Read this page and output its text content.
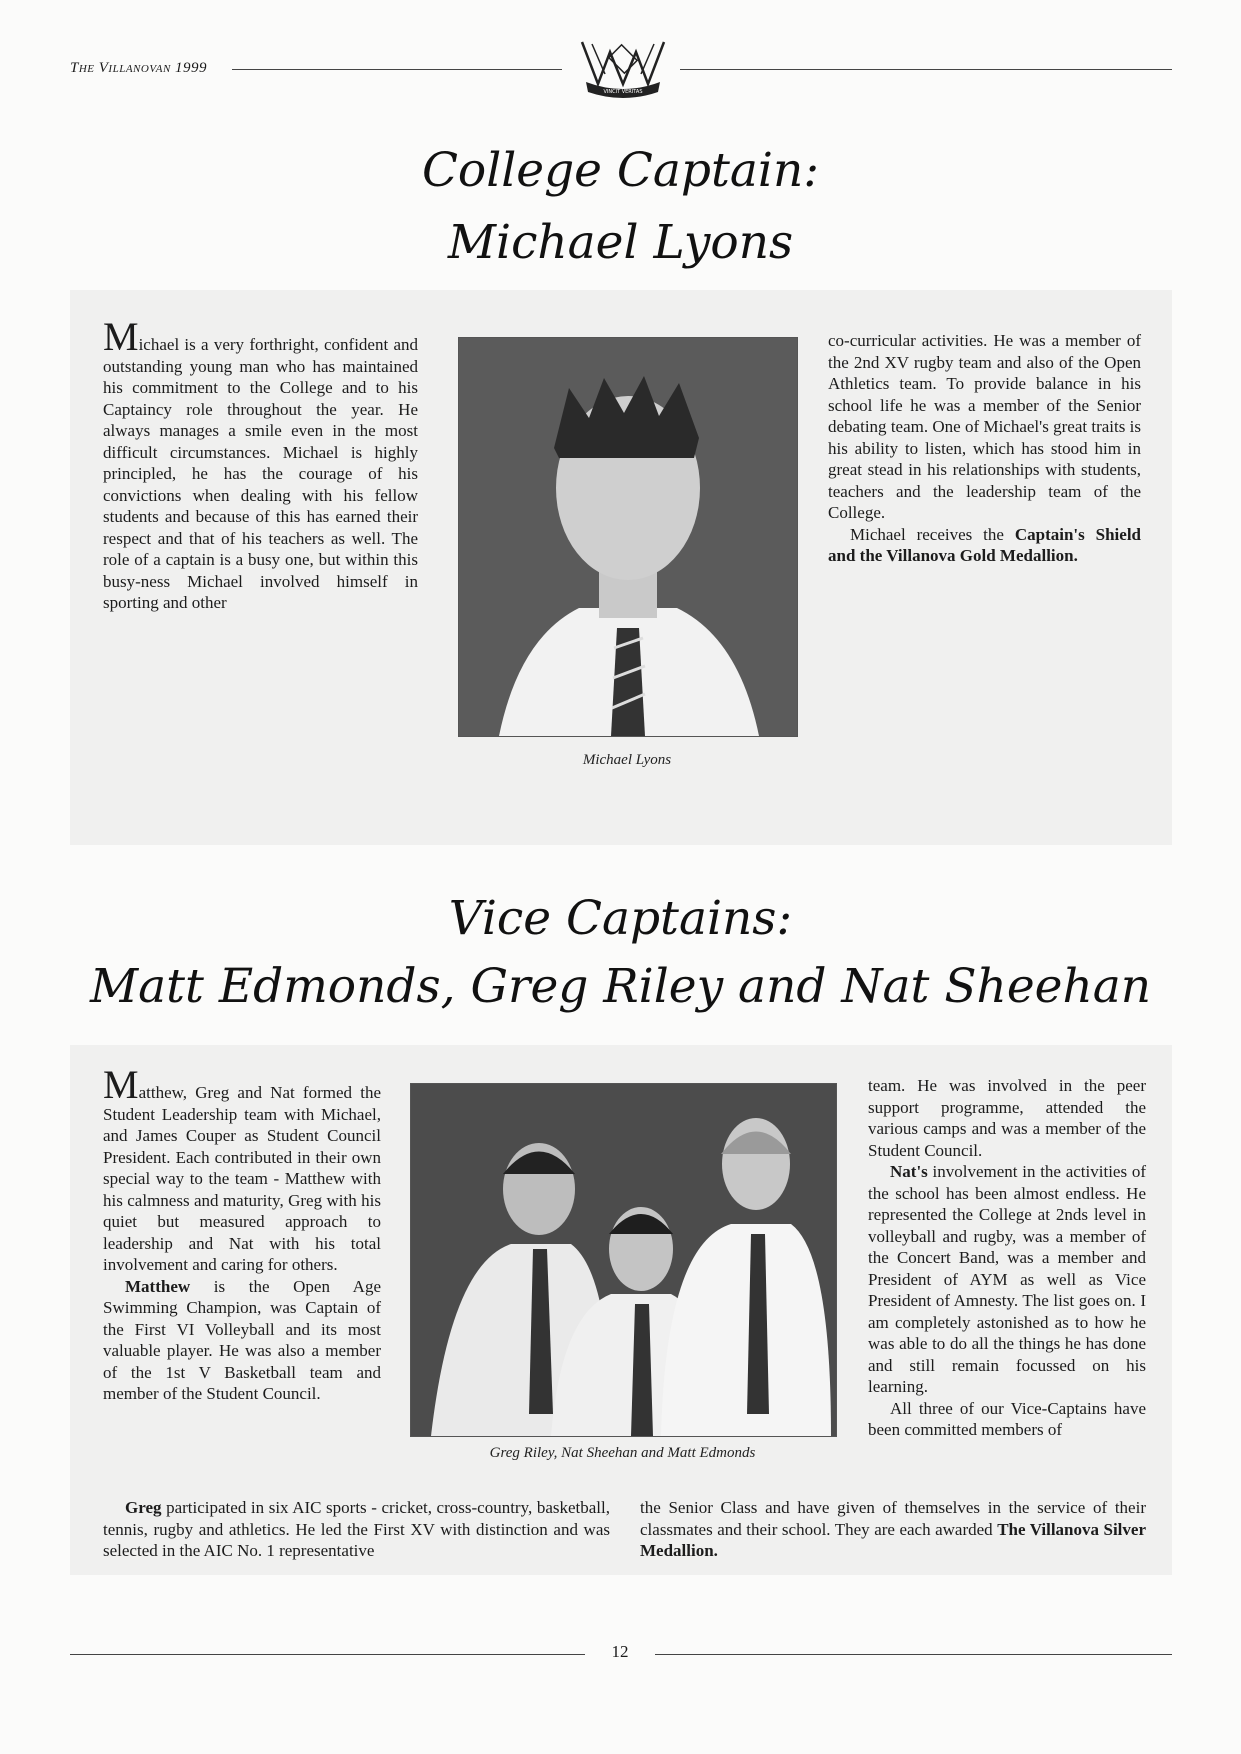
The Villanovan 1999
VINCIT VERITAS
College Captain:
Michael Lyons

Michael is a very forthright, confident and outstanding young man who has maintained his commitment to the College and to his Captaincy role throughout the year. He always manages a smile even in the most difficult circumstances. Michael is highly principled, he has the courage of his convictions when dealing with his fellow students and because of this has earned their respect and that of his teachers as well. The role of a captain is a busy one, but within this busy-ness Michael involved himself in sporting and other

Michael Lyons

co-curricular activities. He was a member of the 2nd XV rugby team and also of the Open Athletics team. To provide balance in his school life he was a member of the Senior debating team. One of Michael's great traits is his ability to listen, which has stood him in great stead in his relationships with students, teachers and the leadership team of the College.

Michael receives the Captain's Shield and the Villanova Gold Medallion.

Vice Captains:
Matt Edmonds, Greg Riley and Nat Sheehan

Matthew, Greg and Nat formed the Student Leadership team with Michael, and James Couper as Student Council President. Each contributed in their own special way to the team - Matthew with his calmness and maturity, Greg with his quiet but measured approach to leadership and Nat with his total involvement and caring for others.

Matthew is the Open Age Swimming Champion, was Captain of the First VI Volleyball and its most valuable player. He was also a member of the 1st V Basketball team and member of the Student Council.

Greg Riley, Nat Sheehan and Matt Edmonds

team. He was involved in the peer support programme, attended the various camps and was a member of the Student Council.

Nat's involvement in the activities of the school has been almost endless. He represented the College at 2nds level in volleyball and rugby, was a member of the Concert Band, was a member and President of AYM as well as Vice President of Amnesty. The list goes on. I am completely astonished as to how he was able to do all the things he has done and still remain focussed on his learning.

All three of our Vice-Captains have been committed members of

Greg participated in six AIC sports - cricket, cross-country, basketball, tennis, rugby and athletics. He led the First XV with distinction and was selected in the AIC No. 1 representative

the Senior Class and have given of themselves in the service of their classmates and their school. They are each awarded The Villanova Silver Medallion.

12
